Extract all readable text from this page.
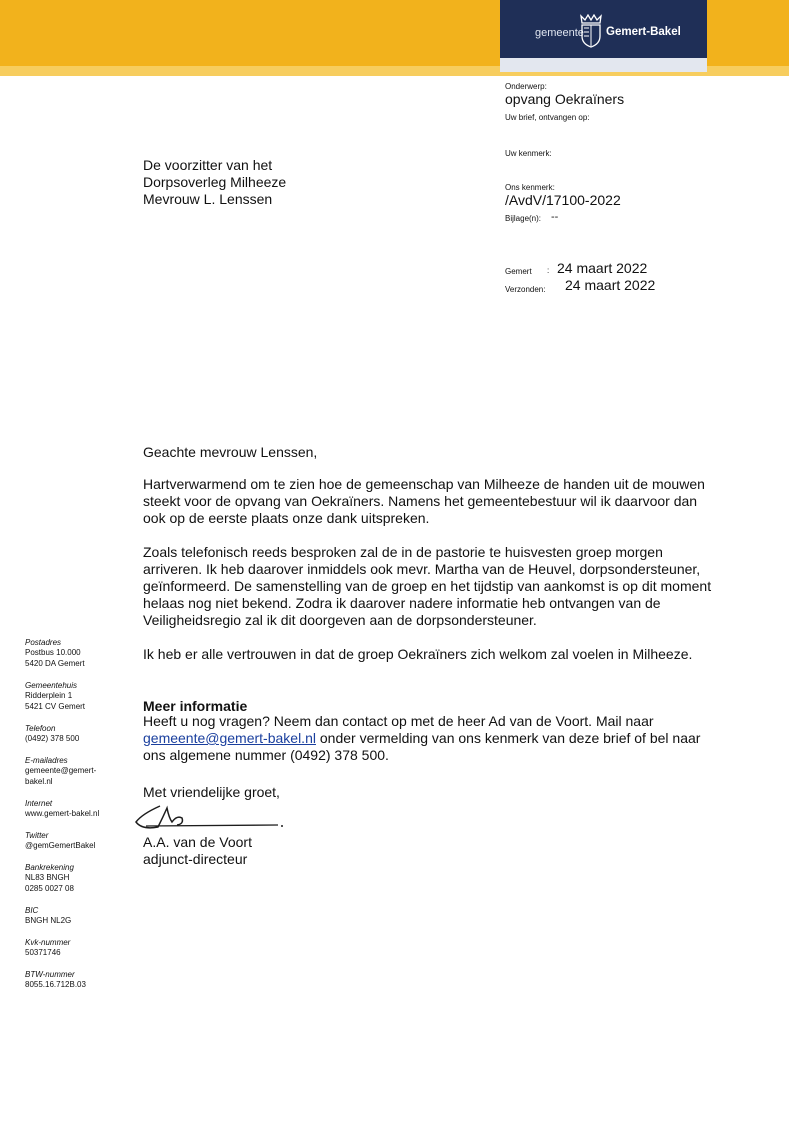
gemeente Gemert-Bakel
Onderwerp:
opvang Oekraïners
Uw brief, ontvangen op:
Uw kenmerk:
Ons kenmerk:
/AvdV/17100-2022
Bijlage(n): --
Gemert : 24 maart 2022
Verzonden: 24 maart 2022
De voorzitter van het
Dorpsoverleg Milheeze
Mevrouw L. Lenssen
Geachte mevrouw Lenssen,
Hartverwarmend om te zien hoe de gemeenschap van Milheeze de handen uit de mouwen steekt voor de opvang van Oekraïners. Namens het gemeentebestuur wil ik daarvoor dan ook op de eerste plaats onze dank uitspreken.
Zoals telefonisch reeds besproken zal de in de pastorie te huisvesten groep morgen arriveren. Ik heb daarover inmiddels ook mevr. Martha van de Heuvel, dorpsondersteuner, geïnformeerd. De samenstelling van de groep en het tijdstip van aankomst is op dit moment helaas nog niet bekend. Zodra ik daarover nadere informatie heb ontvangen van de Veiligheidsregio zal ik dit doorgeven aan de dorpsondersteuner.
Ik heb er alle vertrouwen in dat de groep Oekraïners zich welkom zal voelen in Milheeze.
Meer informatie
Heeft u nog vragen? Neem dan contact op met de heer Ad van de Voort. Mail naar
gemeente@gemert-bakel.nl onder vermelding van ons kenmerk van deze brief of bel naar ons algemene nummer (0492) 378 500.
Met vriendelijke groet,
A.A. van de Voort
adjunct-directeur
Postadres
Postbus 10.000
5420 DA Gemert
Gemeentehuis
Ridderplein 1
5421 CV Gemert
Telefoon
(0492) 378 500
E-mailadres
gemeente@gemert-
bakel.nl
Internet
www.gemert-bakel.nl
Twitter
@gemGemertBakel
Bankrekening
NL83 BNGH
0285 0027 08
BIC
BNGH NL2G
Kvk-nummer
50371746
BTW-nummer
8055.16.712B.03
